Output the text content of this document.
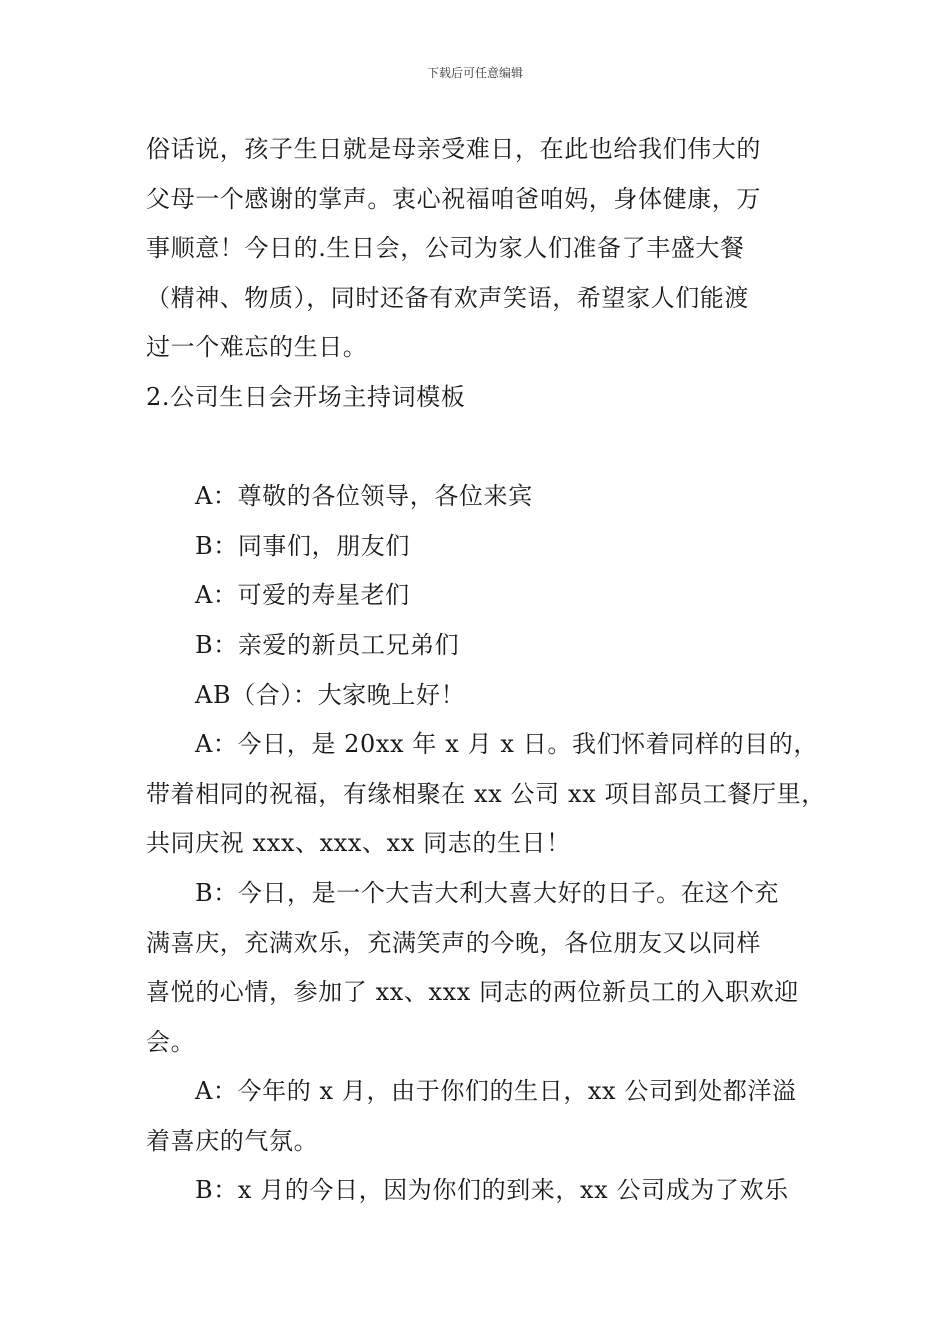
下载后可任意编辑
俗话说，孩子生日就是母亲受难日，在此也给我们伟大的
父母一个感谢的掌声。衷心祝福咱爸咱妈，身体健康，万
事顺意！今日的.生日会，公司为家人们准备了丰盛大餐
（精神、物质），同时还备有欢声笑语，希望家人们能渡
过一个难忘的生日。
2.公司生日会开场主持词模板
A：尊敬的各位领导，各位来宾
B：同事们，朋友们
A：可爱的寿星老们
B：亲爱的新员工兄弟们
AB（合）：大家晚上好！
A：今日，是 20xx 年 x 月 x 日。我们怀着同样的目的，
带着相同的祝福，有缘相聚在 xx 公司 xx 项目部员工餐厅里，
共同庆祝 xxx、xxx、xx 同志的生日！
B：今日，是一个大吉大利大喜大好的日子。在这个充
满喜庆，充满欢乐，充满笑声的今晚，各位朋友又以同样
喜悦的心情，参加了 xx、xxx 同志的两位新员工的入职欢迎
会。
A：今年的 x 月，由于你们的生日，xx 公司到处都洋溢
着喜庆的气氛。
B：x 月的今日，因为你们的到来，xx 公司成为了欢乐
